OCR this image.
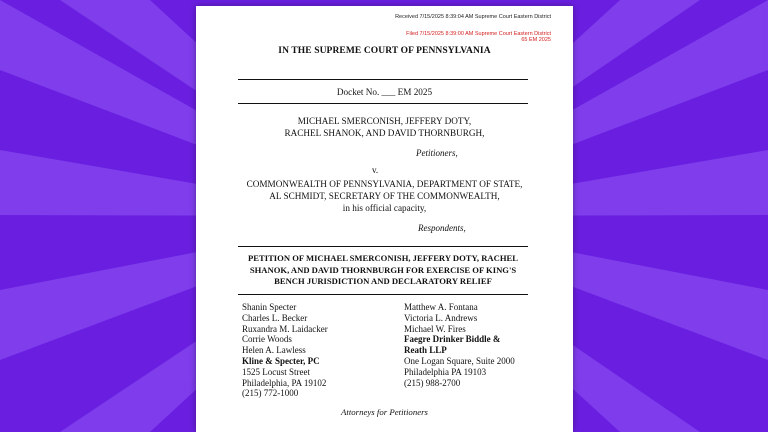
Received 7/15/2025 8:39:04 AM Supreme Court Eastern District
Filed 7/15/2025 8:39:00 AM Supreme Court Eastern District
65 EM 2025
IN THE SUPREME COURT OF PENNSYLVANIA
Docket No. ___ EM 2025
MICHAEL SMERCONISH, JEFFERY DOTY,
RACHEL SHANOK, AND DAVID THORNBURGH,
Petitioners,
v.
COMMONWEALTH OF PENNSYLVANIA, DEPARTMENT OF STATE,
AL SCHMIDT, SECRETARY OF THE COMMONWEALTH,
in his official capacity,
Respondents,
PETITION OF MICHAEL SMERCONISH, JEFFERY DOTY, RACHEL
SHANOK, AND DAVID THORNBURGH FOR EXERCISE OF KING'S
BENCH JURISDICTION AND DECLARATORY RELIEF
Shanin Specter
Charles L. Becker
Ruxandra M. Laidacker
Corrie Woods
Helen A. Lawless
Kline & Specter, PC
1525 Locust Street
Philadelphia, PA 19102
(215) 772-1000
Matthew A. Fontana
Victoria L. Andrews
Michael W. Fires
Faegre Drinker Biddle &
Reath LLP
One Logan Square, Suite 2000
Philadelphia PA 19103
(215) 988-2700
Attorneys for Petitioners
